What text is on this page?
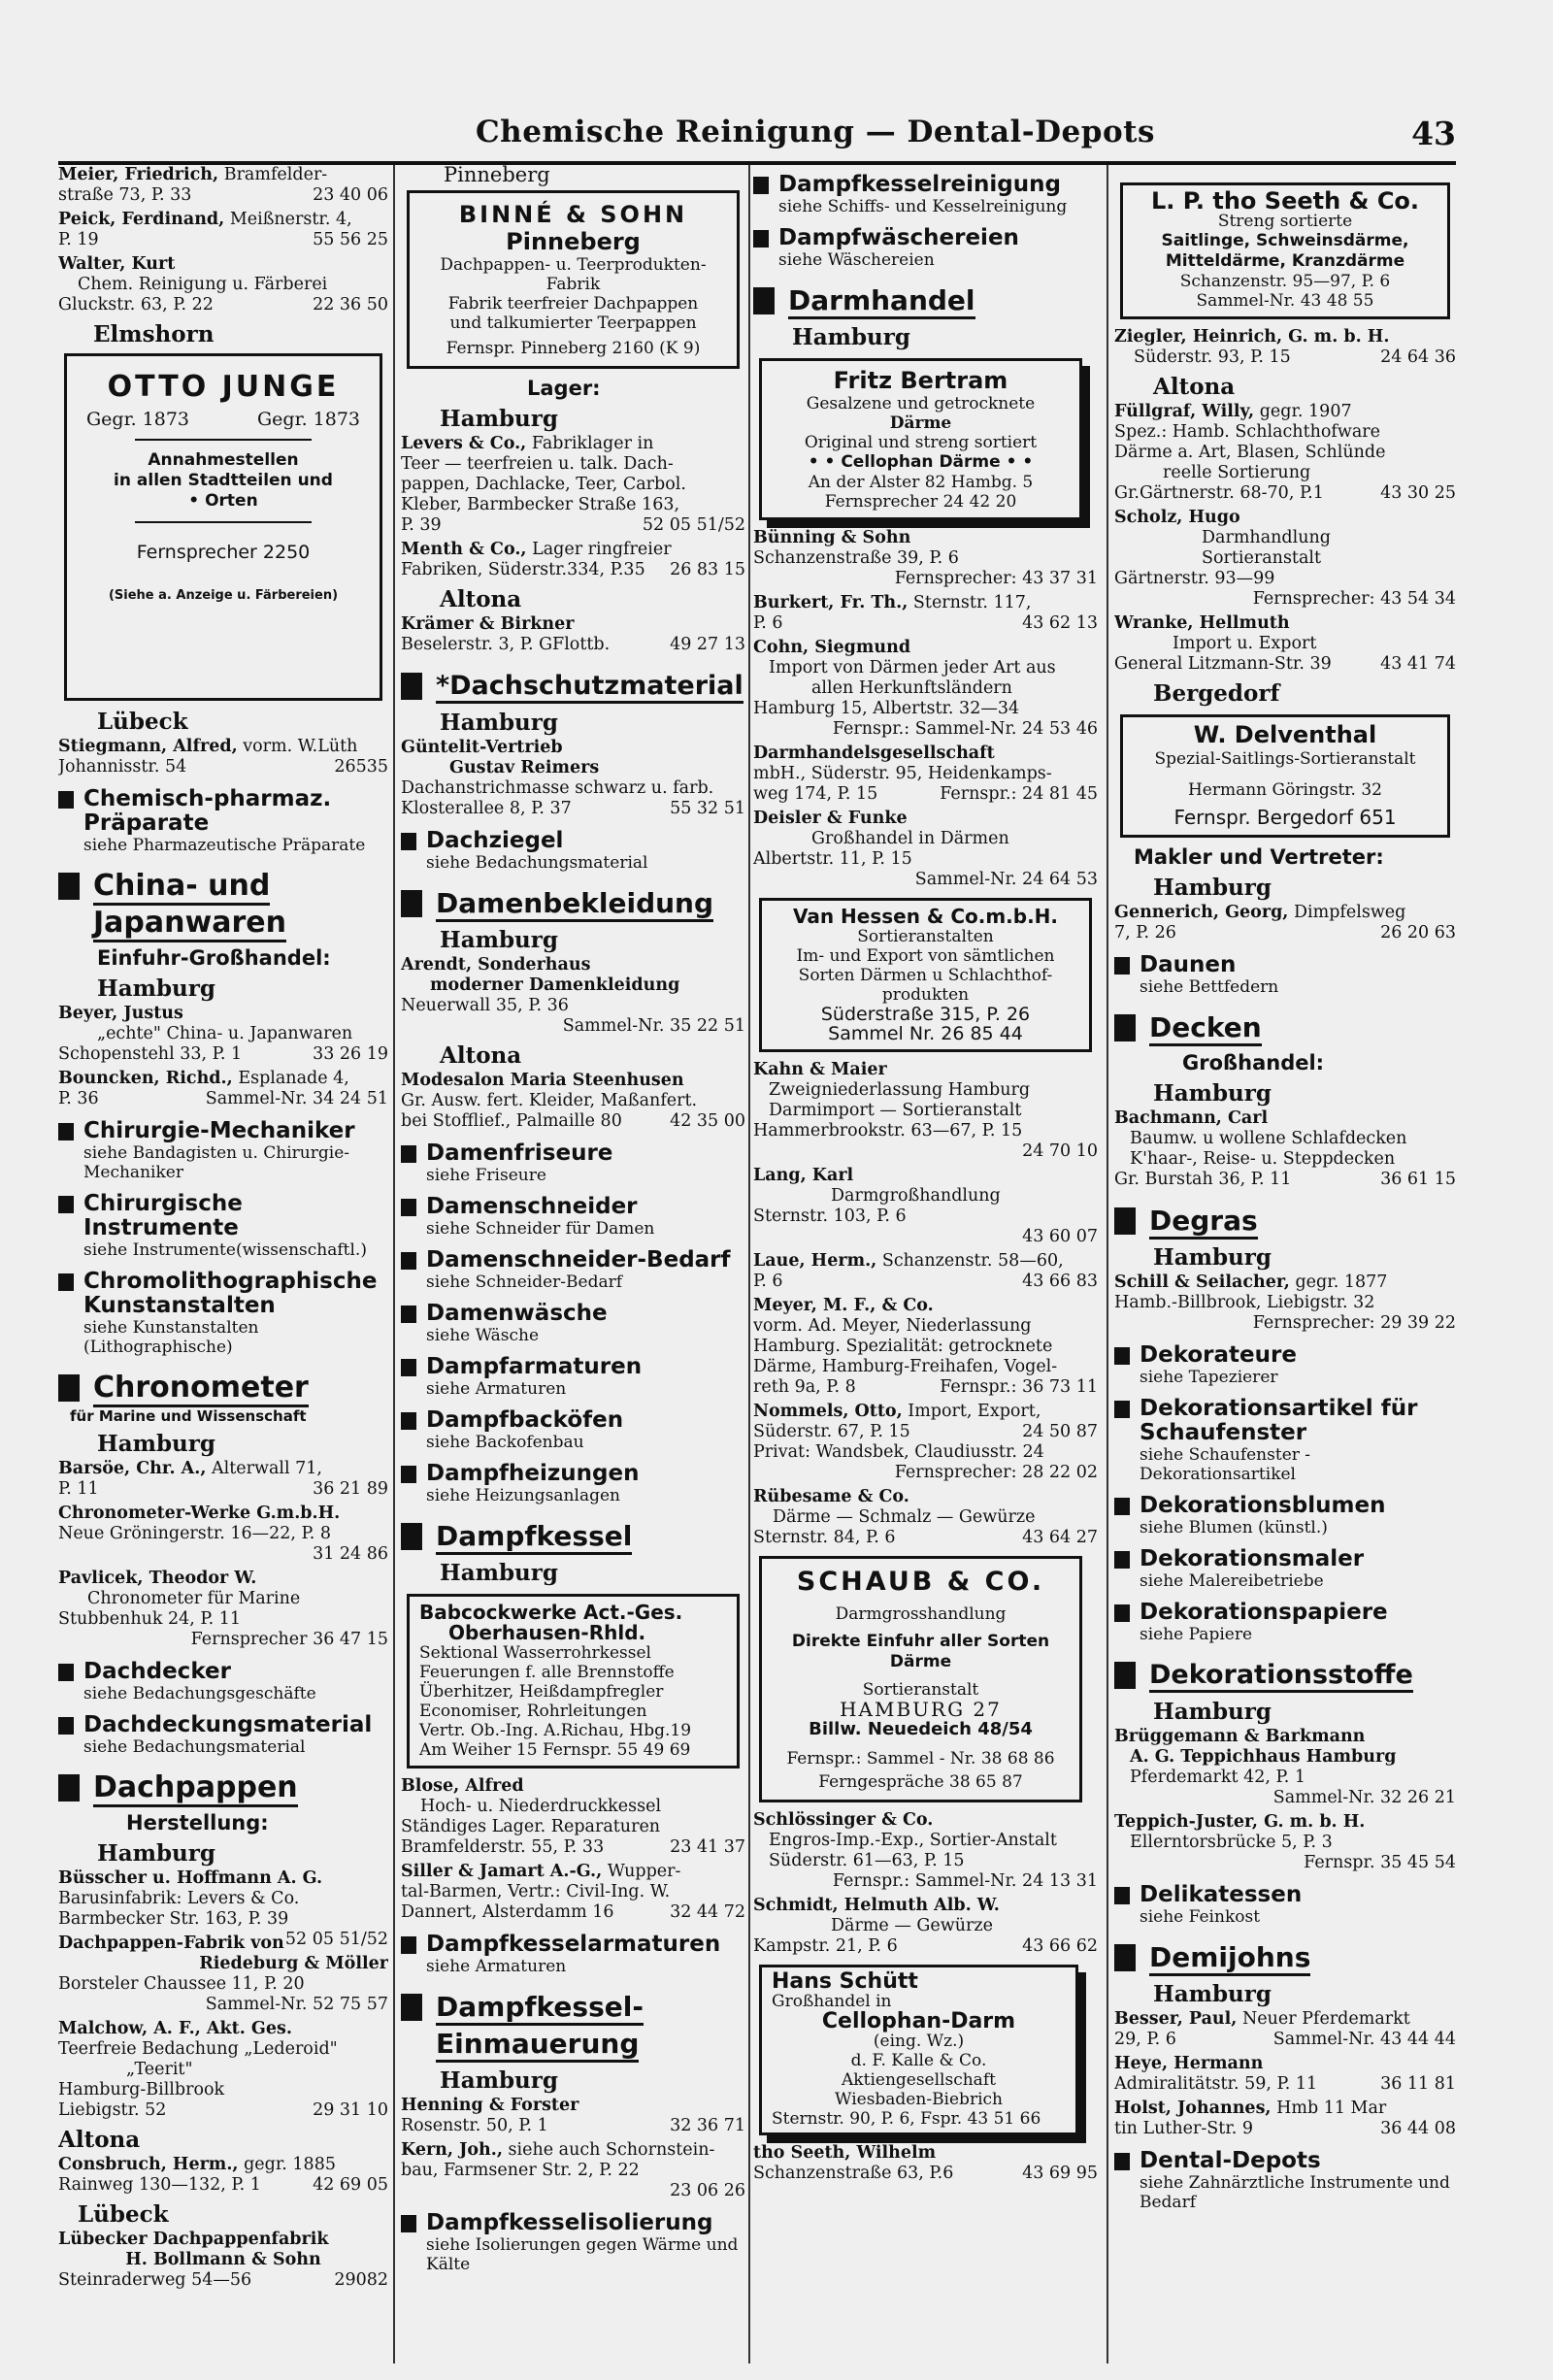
Chemische Reinigung — Dental-Depots	43
Meier, Friedrich, Bramfelder-
straße 73, P. 33	23 40 06
Peick, Ferdinand, Meißnerstr. 4,
P. 19	55 56 25
Walter, Kurt
Chem. Reinigung u. Färberei
Gluckstr. 63, P. 22	22 36 50
Elmshorn
OTTO JUNGE
Gegr. 1873	Gegr. 1873
Annahmestellen
in allen Stadtteilen und
• Orten
Fernsprecher 2250
(Siehe a. Anzeige u. Färbereien)
Lübeck
Stiegmann, Alfred, vorm. W.Lüth
Johannisstr. 54	26535
Chemisch-pharmaz. Präparate
siehe Pharmazeutische Präparate
China- und
Japanwaren
Einfuhr-Großhandel:
Hamburg
Beyer, Justus
„echte" China- u. Japanwaren
Schopenstehl 33, P. 1	33 26 19
Bouncken, Richd., Esplanade 4,
P. 36	Sammel-Nr. 34 24 51
Chirurgie-Mechaniker
siehe Bandagisten u. Chirurgie-Mechaniker
Chirurgische Instrumente
siehe Instrumente(wissenschaftl.)
Chromolithographische Kunstanstalten
siehe Kunstanstalten (Lithographische)
Chronometer
für Marine und Wissenschaft
Hamburg
Barsöe, Chr. A., Alterwall 71,
P. 11	36 21 89
Chronometer-Werke G.m.b.H.
Neue Gröningerstr. 16—22, P. 8
31 24 86

Pavlicek, Theodor W.
Chronometer für Marine
Stubbenhuk 24, P. 11
Fernsprecher 36 47 15

Dachdecker
siehe Bedachungsgeschäfte
Dachdeckungsmaterial
siehe Bedachungsmaterial
Dachpappen
Herstellung:
Hamburg
Büsscher u. Hoffmann A. G.
Barusinfabrik: Levers & Co.
Barmbecker Str. 163, P. 39
52 05 51/52
Dachpappen-Fabrik von
Riedeburg & Möller
Borsteler Chaussee 11, P. 20
Sammel-Nr. 52 75 57

Malchow, A. F., Akt. Ges.
Teerfreie Bedachung „Lederoid"
„Teerit"
Hamburg-Billbrook
Liebigstr. 52	29 31 10
Altona
Consbruch, Herm., gegr. 1885
Rainweg 130—132, P. 1	42 69 05
Lübeck
Lübecker Dachpappenfabrik
H. Bollmann & Sohn
Steinraderweg 54—56	29082
Pinneberg
BINNÉ & SOHN
Pinneberg
Dachpappen- u. Teerprodukten-
Fabrik
Fabrik teerfreier Dachpappen
und talkumierter Teerpappen
Fernspr. Pinneberg 2160 (K 9)
Lager:
Hamburg
Levers & Co., Fabriklager in
Teer — teerfreien u. talk. Dach-
pappen, Dachlacke, Teer, Carbol.
Kleber, Barmbecker Straße 163,
P. 39	52 05 51/52
Menth & Co., Lager ringfreier
Fabriken, Süderstr.334, P.35 26 83 15
Altona
Krämer & Birkner
Beselerstr. 3, P. GFlottb.	49 27 13
*Dachschutzmaterial
Hamburg
Güntelit-Vertrieb
Gustav Reimers
Dachanstrichmasse schwarz u. farb.
Klosterallee 8, P. 37	55 32 51
Dachziegel
siehe Bedachungsmaterial
Damenbekleidung
Hamburg
Arendt, Sonderhaus
moderner Damenkleidung
Neuerwall 35, P. 36
Sammel-Nr. 35 22 51

Altona
Modesalon Maria Steenhusen
Gr. Ausw. fert. Kleider, Maßanfert.
bei Stofflief., Palmaille 80	42 35 00
Damenfriseure
siehe Friseure
Damenschneider
siehe Schneider für Damen
Damenschneider-Bedarf
siehe Schneider-Bedarf
Damenwäsche
siehe Wäsche
Dampfarmaturen
siehe Armaturen
Dampfbacköfen
siehe Backofenbau
Dampfheizungen
siehe Heizungsanlagen
Dampfkessel
Hamburg
Babcockwerke Act.-Ges.
Oberhausen-Rhld.
Sektional Wasserrohrkessel
Feuerungen f. alle Brennstoffe
Überhitzer, Heißdampfregler
Economiser, Rohrleitungen
Vertr. Ob.-Ing. A.Richau, Hbg.19
Am Weiher 15 Fernspr. 55 49 69
Blose, Alfred
Hoch- u. Niederdruckkessel
Ständiges Lager. Reparaturen
Bramfelderstr. 55, P. 33	23 41 37
Siller & Jamart A.-G., Wupper-
tal-Barmen, Vertr.: Civil-Ing. W.
Dannert, Alsterdamm 16	32 44 72
Dampfkesselarmaturen
siehe Armaturen
Dampfkessel-
Einmauerung
Hamburg
Henning & Forster
Rosenstr. 50, P. 1	32 36 71
Kern, Joh., siehe auch Schornstein-
bau, Farmsener Str. 2, P. 22
23 06 26

Dampfkesselisolierung
siehe Isolierungen gegen Wärme und Kälte
Dampfkesselreinigung
siehe Schiffs- und Kesselreinigung
Dampfwäschereien
siehe Wäschereien
Darmhandel
Hamburg
Fritz Bertram
Gesalzene und getrocknete
Därme
Original und streng sortiert
• • Cellophan Därme • •
An der Alster 82 Hambg. 5
Fernsprecher 24 42 20
Bünning & Sohn
Schanzenstraße 39, P. 6
Fernsprecher: 43 37 31

Burkert, Fr. Th., Sternstr. 117,
P. 6	43 62 13
Cohn, Siegmund
Import von Därmen jeder Art aus
allen Herkunftsländern
Hamburg 15, Albertstr. 32—34
Fernspr.: Sammel-Nr. 24 53 46

Darmhandelsgesellschaft
mbH., Süderstr. 95, Heidenkamps-
weg 174, P. 15	Fernspr.: 24 81 45
Deisler & Funke
Großhandel in Därmen
Albertstr. 11, P. 15
Sammel-Nr. 24 64 53

Van Hessen & Co.m.b.H.
Sortieranstalten
Im- und Export von sämtlichen
Sorten Därmen u Schlachthof-
produkten
Süderstraße 315, P. 26
Sammel Nr. 26 85 44
Kahn & Maier
Zweigniederlassung Hamburg
Darmimport — Sortieranstalt
Hammerbrookstr. 63—67, P. 15
24 70 10

Lang, Karl
Darmgroßhandlung
Sternstr. 103, P. 6
43 60 07

Laue, Herm., Schanzenstr. 58—60,
P. 6	43 66 83
Meyer, M. F., & Co.
vorm. Ad. Meyer, Niederlassung
Hamburg. Spezialität: getrocknete
Därme, Hamburg-Freihafen, Vogel-
reth 9a, P. 8	Fernspr.: 36 73 11
Nommels, Otto, Import, Export,
Süderstr. 67, P. 15	24 50 87
Privat: Wandsbek, Claudiusstr. 24
Fernsprecher: 28 22 02

Rübesame & Co.
Därme — Schmalz — Gewürze
Sternstr. 84, P. 6	43 64 27
SCHAUB & CO.
Darmgrosshandlung
Direkte Einfuhr aller Sorten
Därme
Sortieranstalt
HAMBURG 27
Billw. Neuedeich 48/54
Fernspr.: Sammel - Nr. 38 68 86
Ferngespräche 38 65 87
Schlössinger & Co.
Engros-Imp.-Exp., Sortier-Anstalt
Süderstr. 61—63, P. 15
Fernspr.: Sammel-Nr. 24 13 31

Schmidt, Helmuth Alb. W.
Därme — Gewürze
Kampstr. 21, P. 6	43 66 62
Hans Schütt
Großhandel in
Cellophan-Darm
(eing. Wz.)
d. F. Kalle & Co.
Aktiengesellschaft
Wiesbaden-Biebrich
Sternstr. 90, P. 6, Fspr. 43 51 66
tho Seeth, Wilhelm
Schanzenstraße 63, P.6	43 69 95
L. P. tho Seeth & Co.
Streng sortierte
Saitlinge, Schweinsdärme,
Mitteldärme, Kranzdärme
Schanzenstr. 95—97, P. 6
Sammel-Nr. 43 48 55
Ziegler, Heinrich, G. m. b. H.
Süderstr. 93, P. 15	24 64 36
Altona
Füllgraf, Willy, gegr. 1907
Spez.: Hamb. Schlachthofware
Därme a. Art, Blasen, Schlünde
reelle Sortierung
Gr.Gärtnerstr. 68-70, P.1	43 30 25
Scholz, Hugo
Darmhandlung
Sortieranstalt
Gärtnerstr. 93—99
Fernsprecher: 43 54 34

Wranke, Hellmuth
Import u. Export
General Litzmann-Str. 39	43 41 74
Bergedorf
W. Delventhal
Spezial-Saitlings-Sortieranstalt
Hermann Göringstr. 32
Fernspr. Bergedorf 651
Makler und Vertreter:
Hamburg
Gennerich, Georg, Dimpfelsweg
7, P. 26	26 20 63
Daunen
siehe Bettfedern
Decken
Großhandel:
Hamburg
Bachmann, Carl
Baumw. u wollene Schlafdecken
K'haar-, Reise- u. Steppdecken
Gr. Burstah 36, P. 11	36 61 15
Degras
Hamburg
Schill & Seilacher, gegr. 1877
Hamb.-Billbrook, Liebigstr. 32
Fernsprecher: 29 39 22

Dekorateure
siehe Tapezierer
Dekorationsartikel für Schaufenster
siehe Schaufenster - Dekorationsartikel
Dekorationsblumen
siehe Blumen (künstl.)
Dekorationsmaler
siehe Malereibetriebe
Dekorationspapiere
siehe Papiere
Dekorationsstoffe
Hamburg
Brüggemann & Barkmann
A. G. Teppichhaus Hamburg
Pferdemarkt 42, P. 1
Sammel-Nr. 32 26 21

Teppich-Juster, G. m. b. H.
Ellerntorsbrücke 5, P. 3
Fernspr. 35 45 54

Delikatessen
siehe Feinkost
Demijohns
Hamburg
Besser, Paul, Neuer Pferdemarkt
29, P. 6	Sammel-Nr. 43 44 44
Heye, Hermann
Admiralitätstr. 59, P. 11	36 11 81
Holst, Johannes, Hmb 11 Mar
tin Luther-Str. 9	36 44 08
Dental-Depots
siehe Zahnärztliche Instrumente und Bedarf
